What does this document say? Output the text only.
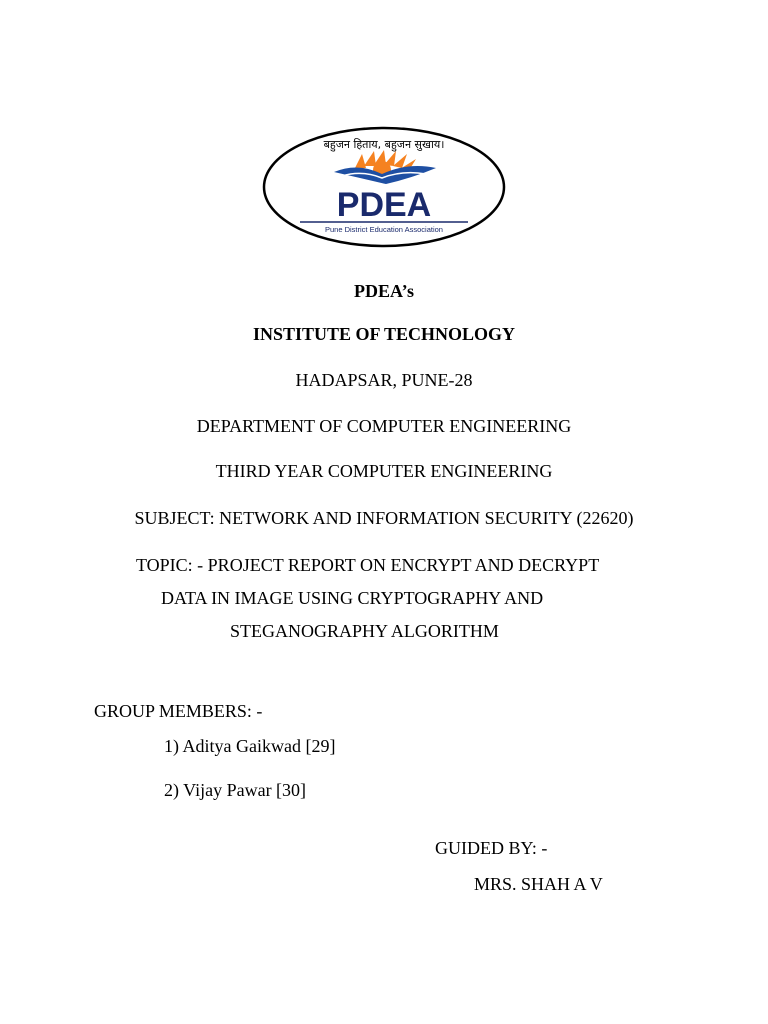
बहुजन हिताय, बहुजन सुखाय।
PDEA
Pune District Education Association
PDEA’s
INSTITUTE OF TECHNOLOGY
HADAPSAR, PUNE-28
DEPARTMENT OF COMPUTER ENGINEERING
THIRD YEAR COMPUTER ENGINEERING
SUBJECT: NETWORK AND INFORMATION SECURITY (22620)
TOPIC: - PROJECT REPORT ON ENCRYPT AND DECRYPT
DATA IN IMAGE USING CRYPTOGRAPHY AND
STEGANOGRAPHY ALGORITHM
GROUP MEMBERS: -
1) Aditya Gaikwad [29]
2) Vijay Pawar [30]
GUIDED BY: -
MRS. SHAH A V
